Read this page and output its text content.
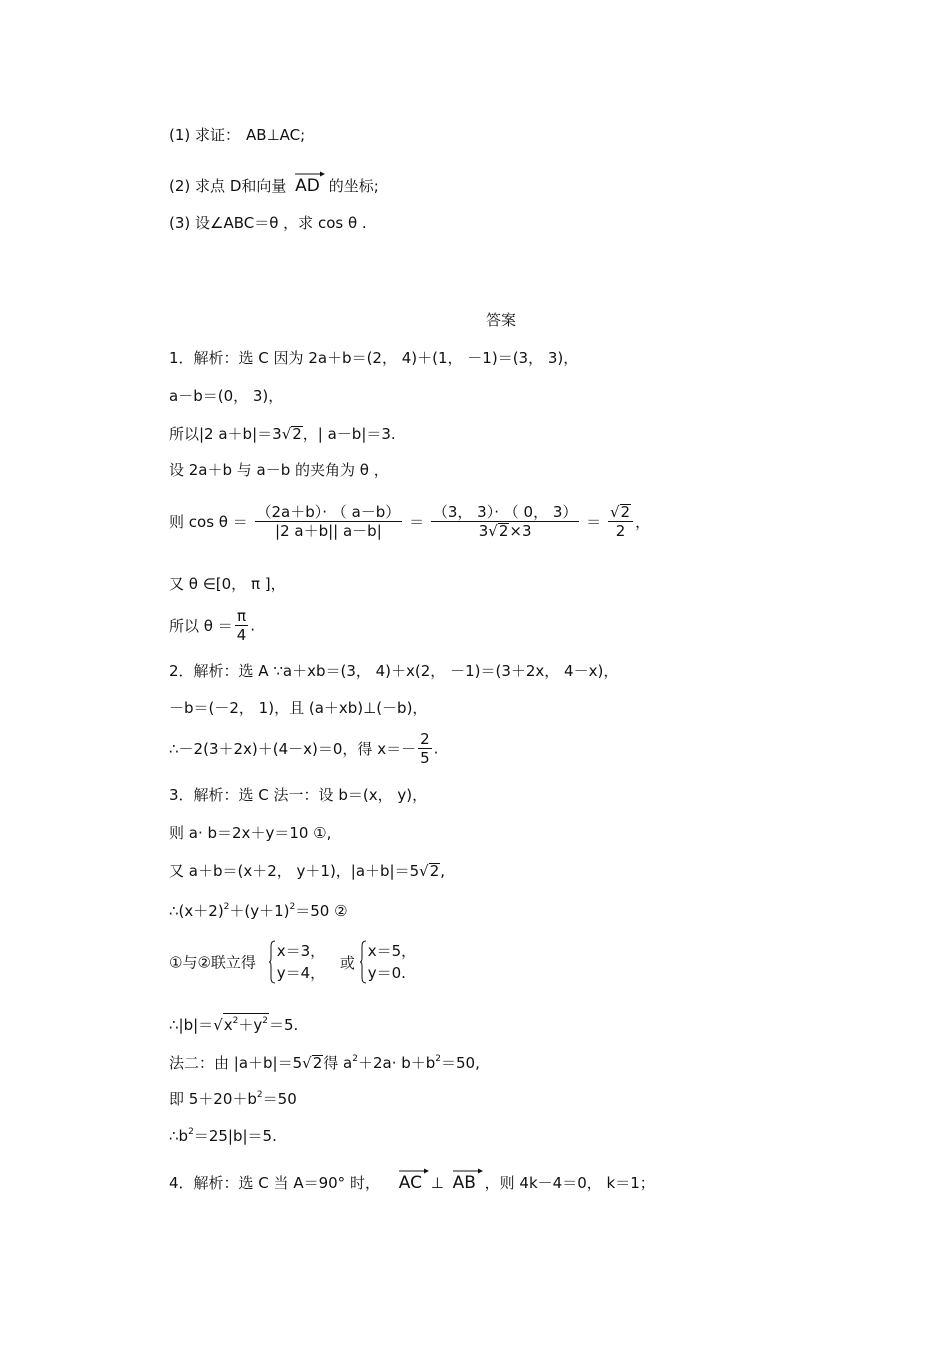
(1) 求证： AB⊥AC;
(2) 求点 D和向量 AD 的坐标;
(3) 设∠ABC＝θ ，求 cos θ .
答案
1．解析：选 C 因为 2a＋b＝(2， 4)＋(1， －1)＝(3， 3)，
a－b＝(0， 3)，
所以|2 a＋b|＝3√2，| a－b|＝3.
设 2a＋b 与 a－b 的夹角为 θ ，
则 $\cos \theta = \frac{(2a+b)\cdot ( a-b)}{|2 a+b|| a-b|} = \frac{(3, 3)\cdot ( 0, 3)}{3√2\times 3} = \frac{√2}{2}$ ，
又 θ ∈[0， π ]，
所以 $\theta = \frac{\pi}{4}$ .
2．解析：选 A ∵a＋xb＝(3， 4)＋x(2， －1)＝(3＋2x， 4－x)，
－b＝(－2， 1)，且 (a＋xb)⊥(－b)，
∴－2(3＋2x)＋(4－x)＝0，得 $x=- \frac{2}{5}$ .
3．解析：选 C 法一：设 b＝(x， y)，
则 a· b＝2x＋y＝10 ①,
又 a＋b＝(x＋2， y＋1)，|a＋b|＝5√2,
$\therefore(x+2)^2+(y+1)^2=50$ ②
①与②联立得
x＝3，
y＝4，
或
x＝5，
y＝0.
$\therefore|b|=√x^2+y^2=5$.
法二：由 |a＋b|＝5√2得 $a^2+2a\cdot b+b^2=50$,
即 $5+20+b^2=50$
$\therefore b^2=25|b|=5$.
4．解析：选 C 当 A＝90° 时， AC ⊥ AB ，则 4k－4＝0， k＝1；
